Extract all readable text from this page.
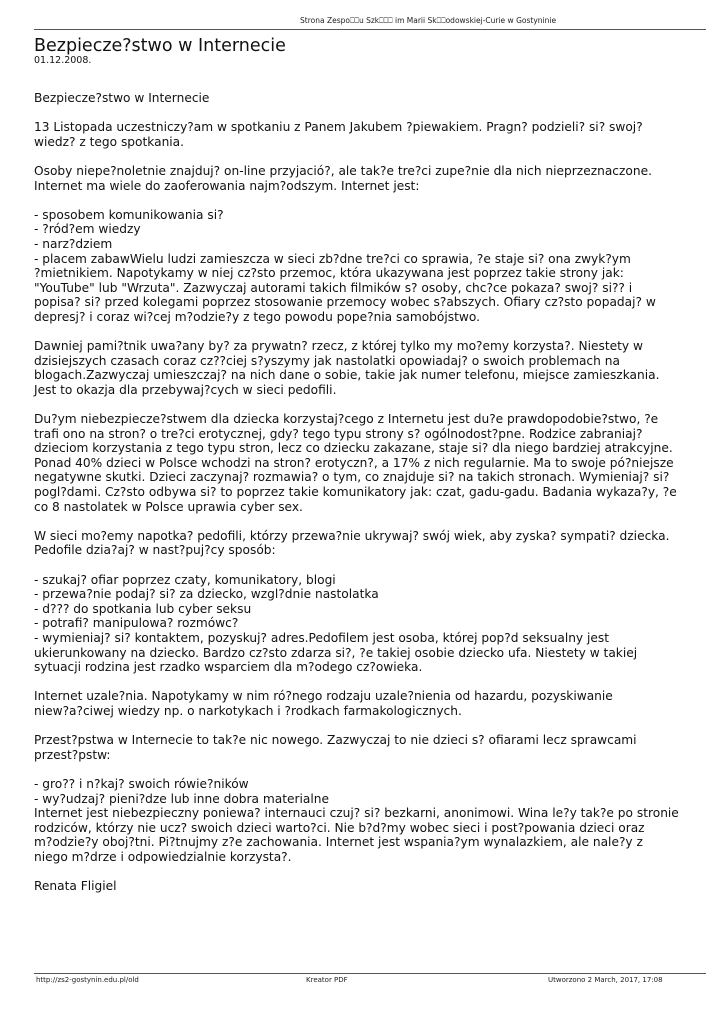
Strona Zespo⎕⎕u Szk⎕⎕⎕ im Marii Sk⎕⎕odowskiej-Curie w Gostyninie
Bezpiecze?stwo w Internecie
01.12.2008.

Bezpiecze?stwo w Internecie

13 Listopada uczestniczy?am w spotkaniu z Panem Jakubem ?piewakiem. Pragn? podzieli? si? swoj?
wiedz? z tego spotkania.

Osoby niepe?noletnie znajduj? on-line przyjació?, ale tak?e tre?ci zupe?nie dla nich nieprzeznaczone.
Internet ma wiele do zaoferowania najm?odszym. Internet jest:

- sposobem komunikowania si?
- ?ród?em wiedzy
- narz?dziem
- placem zabawWielu ludzi zamieszcza w sieci zb?dne tre?ci co sprawia, ?e staje si? ona zwyk?ym
?mietnikiem. Napotykamy w niej cz?sto przemoc, która ukazywana jest poprzez takie strony jak:
"YouTube" lub "Wrzuta". Zazwyczaj autorami takich filmików s? osoby, chc?ce pokaza? swoj? si?? i
popisa? si? przed kolegami poprzez stosowanie przemocy wobec s?abszych. Ofiary cz?sto popadaj? w
depresj? i coraz wi?cej m?odzie?y z tego powodu pope?nia samobójstwo.

Dawniej pami?tnik uwa?any by? za prywatn? rzecz, z której tylko my mo?emy korzysta?. Niestety w
dzisiejszych czasach coraz cz??ciej s?yszymy jak nastolatki opowiadaj? o swoich problemach na
blogach.Zazwyczaj umieszczaj? na nich dane o sobie, takie jak numer telefonu, miejsce zamieszkania.
Jest to okazja dla przebywaj?cych w sieci pedofili.

Du?ym niebezpiecze?stwem dla dziecka korzystaj?cego z Internetu jest du?e prawdopodobie?stwo, ?e
trafi ono na stron? o tre?ci erotycznej, gdy? tego typu strony s? ogólnodost?pne. Rodzice zabraniaj?
dzieciom korzystania z tego typu stron, lecz co dziecku zakazane, staje si? dla niego bardziej atrakcyjne.
Ponad 40% dzieci w Polsce wchodzi na stron? erotyczn?, a 17% z nich regularnie. Ma to swoje pó?niejsze
negatywne skutki. Dzieci zaczynaj? rozmawia? o tym, co znajduje si? na takich stronach. Wymieniaj? si?
pogl?dami. Cz?sto odbywa si? to poprzez takie komunikatory jak: czat, gadu-gadu. Badania wykaza?y, ?e
co 8 nastolatek w Polsce uprawia cyber sex.

W sieci mo?emy napotka? pedofili, którzy przewa?nie ukrywaj? swój wiek, aby zyska? sympati? dziecka.
Pedofile dzia?aj? w nast?puj?cy sposób:

- szukaj? ofiar poprzez czaty, komunikatory, blogi
- przewa?nie podaj? si? za dziecko, wzgl?dnie nastolatka
- d??? do spotkania lub cyber seksu
- potrafi? manipulowa? rozmówc?
- wymieniaj? si? kontaktem, pozyskuj? adres.Pedofilem jest osoba, której pop?d seksualny jest
ukierunkowany na dziecko. Bardzo cz?sto zdarza si?, ?e takiej osobie dziecko ufa. Niestety w takiej
sytuacji rodzina jest rzadko wsparciem dla m?odego cz?owieka.

Internet uzale?nia. Napotykamy w nim ró?nego rodzaju uzale?nienia od hazardu, pozyskiwanie
niew?a?ciwej wiedzy np. o narkotykach i ?rodkach farmakologicznych.

Przest?pstwa w Internecie to tak?e nic nowego. Zazwyczaj to nie dzieci s? ofiarami lecz sprawcami
przest?pstw:

- gro?? i n?kaj? swoich rówie?ników
- wy?udzaj? pieni?dze lub inne dobra materialne
Internet jest niebezpieczny poniewa? internauci czuj? si? bezkarni, anonimowi. Wina le?y tak?e po stronie
rodziców, którzy nie ucz? swoich dzieci warto?ci. Nie b?d?my wobec sieci i post?powania dzieci oraz
m?odzie?y oboj?tni. Pi?tnujmy z?e zachowania. Internet jest wspania?ym wynalazkiem, ale nale?y z
niego m?drze i odpowiedzialnie korzysta?.

Renata Fligiel

http://zs2-gostynin.edu.pl/old	Kreator PDF	Utworzono 2 March, 2017, 17:08
